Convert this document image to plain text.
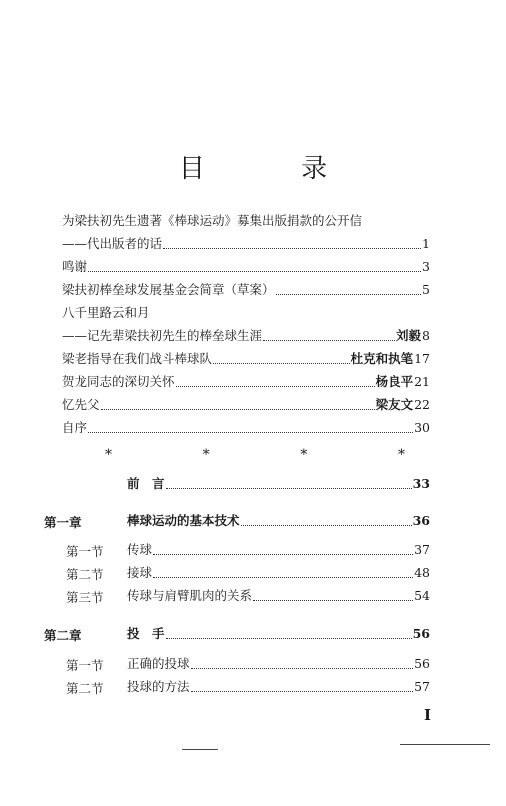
目 录
为梁扶初先生遗著《棒球运动》募集出版捐款的公开信
——代出版者的话	1
鸣谢	3
梁扶初棒垒球发展基金会简章（草案）	5
八千里路云和月
——记先辈梁扶初先生的棒垒球生涯	刘毅 8
梁老指导在我们战斗棒球队	杜克和执笔 17
贺龙同志的深切关怀	杨良平 21
忆先父	梁友文 22
自序	30
*	*	*	*
前　言	33
第一章	棒球运动的基本技术	36
第一节 传球	37
第二节 接球	48
第三节 传球与肩臂肌肉的关系	54
第二章	投　手	56
第一节 正确的投球	56
第二节 投球的方法	57
I
